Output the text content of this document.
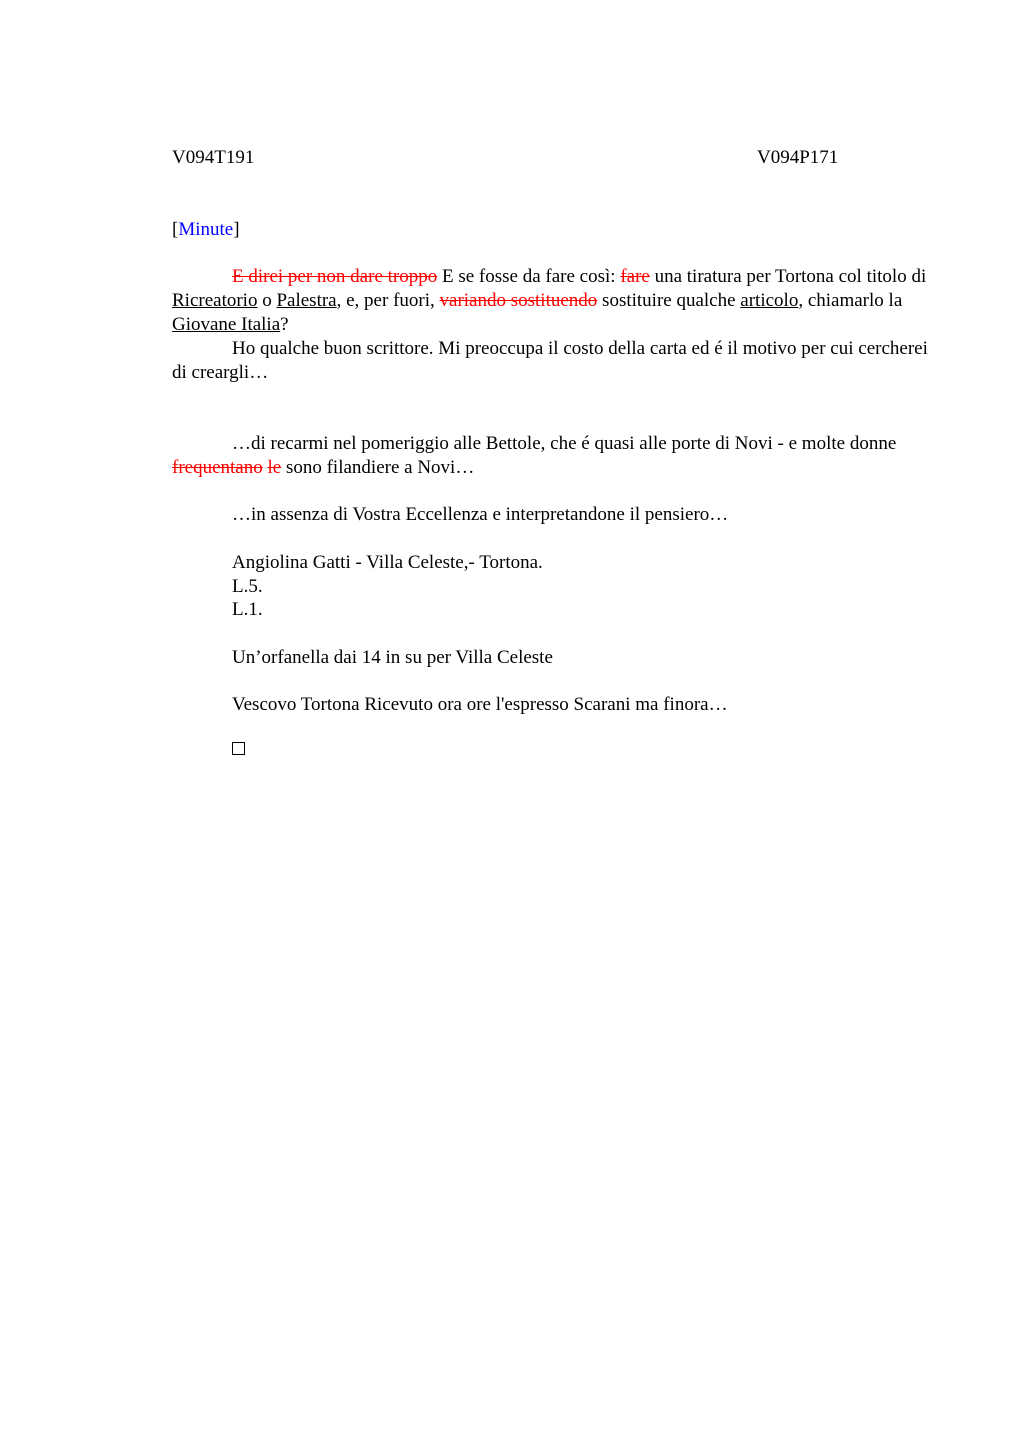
V094T191	V094P171
[Minute]

E direi per non dare troppo E se fosse da fare così: fare una tiratura per Tortona col titolo di Ricreatorio o Palestra, e, per fuori, variando sostituendo sostituire qualche articolo, chiamarlo la Giovane Italia?

Ho qualche buon scrittore. Mi preoccupa il costo della carta ed é il motivo per cui cercherei di creargli…

…di recarmi nel pomeriggio alle Bettole, che é quasi alle porte di Novi - e molte donne frequentano le sono filandiere a Novi…

…in assenza di Vostra Eccellenza e interpretandone il pensiero…

Angiolina Gatti - Villa Celeste,- Tortona.

L.5.

L.1.

Un’orfanella dai 14 in su per Villa Celeste

Vescovo Tortona Ricevuto ora ore l'espresso Scarani ma finora…
